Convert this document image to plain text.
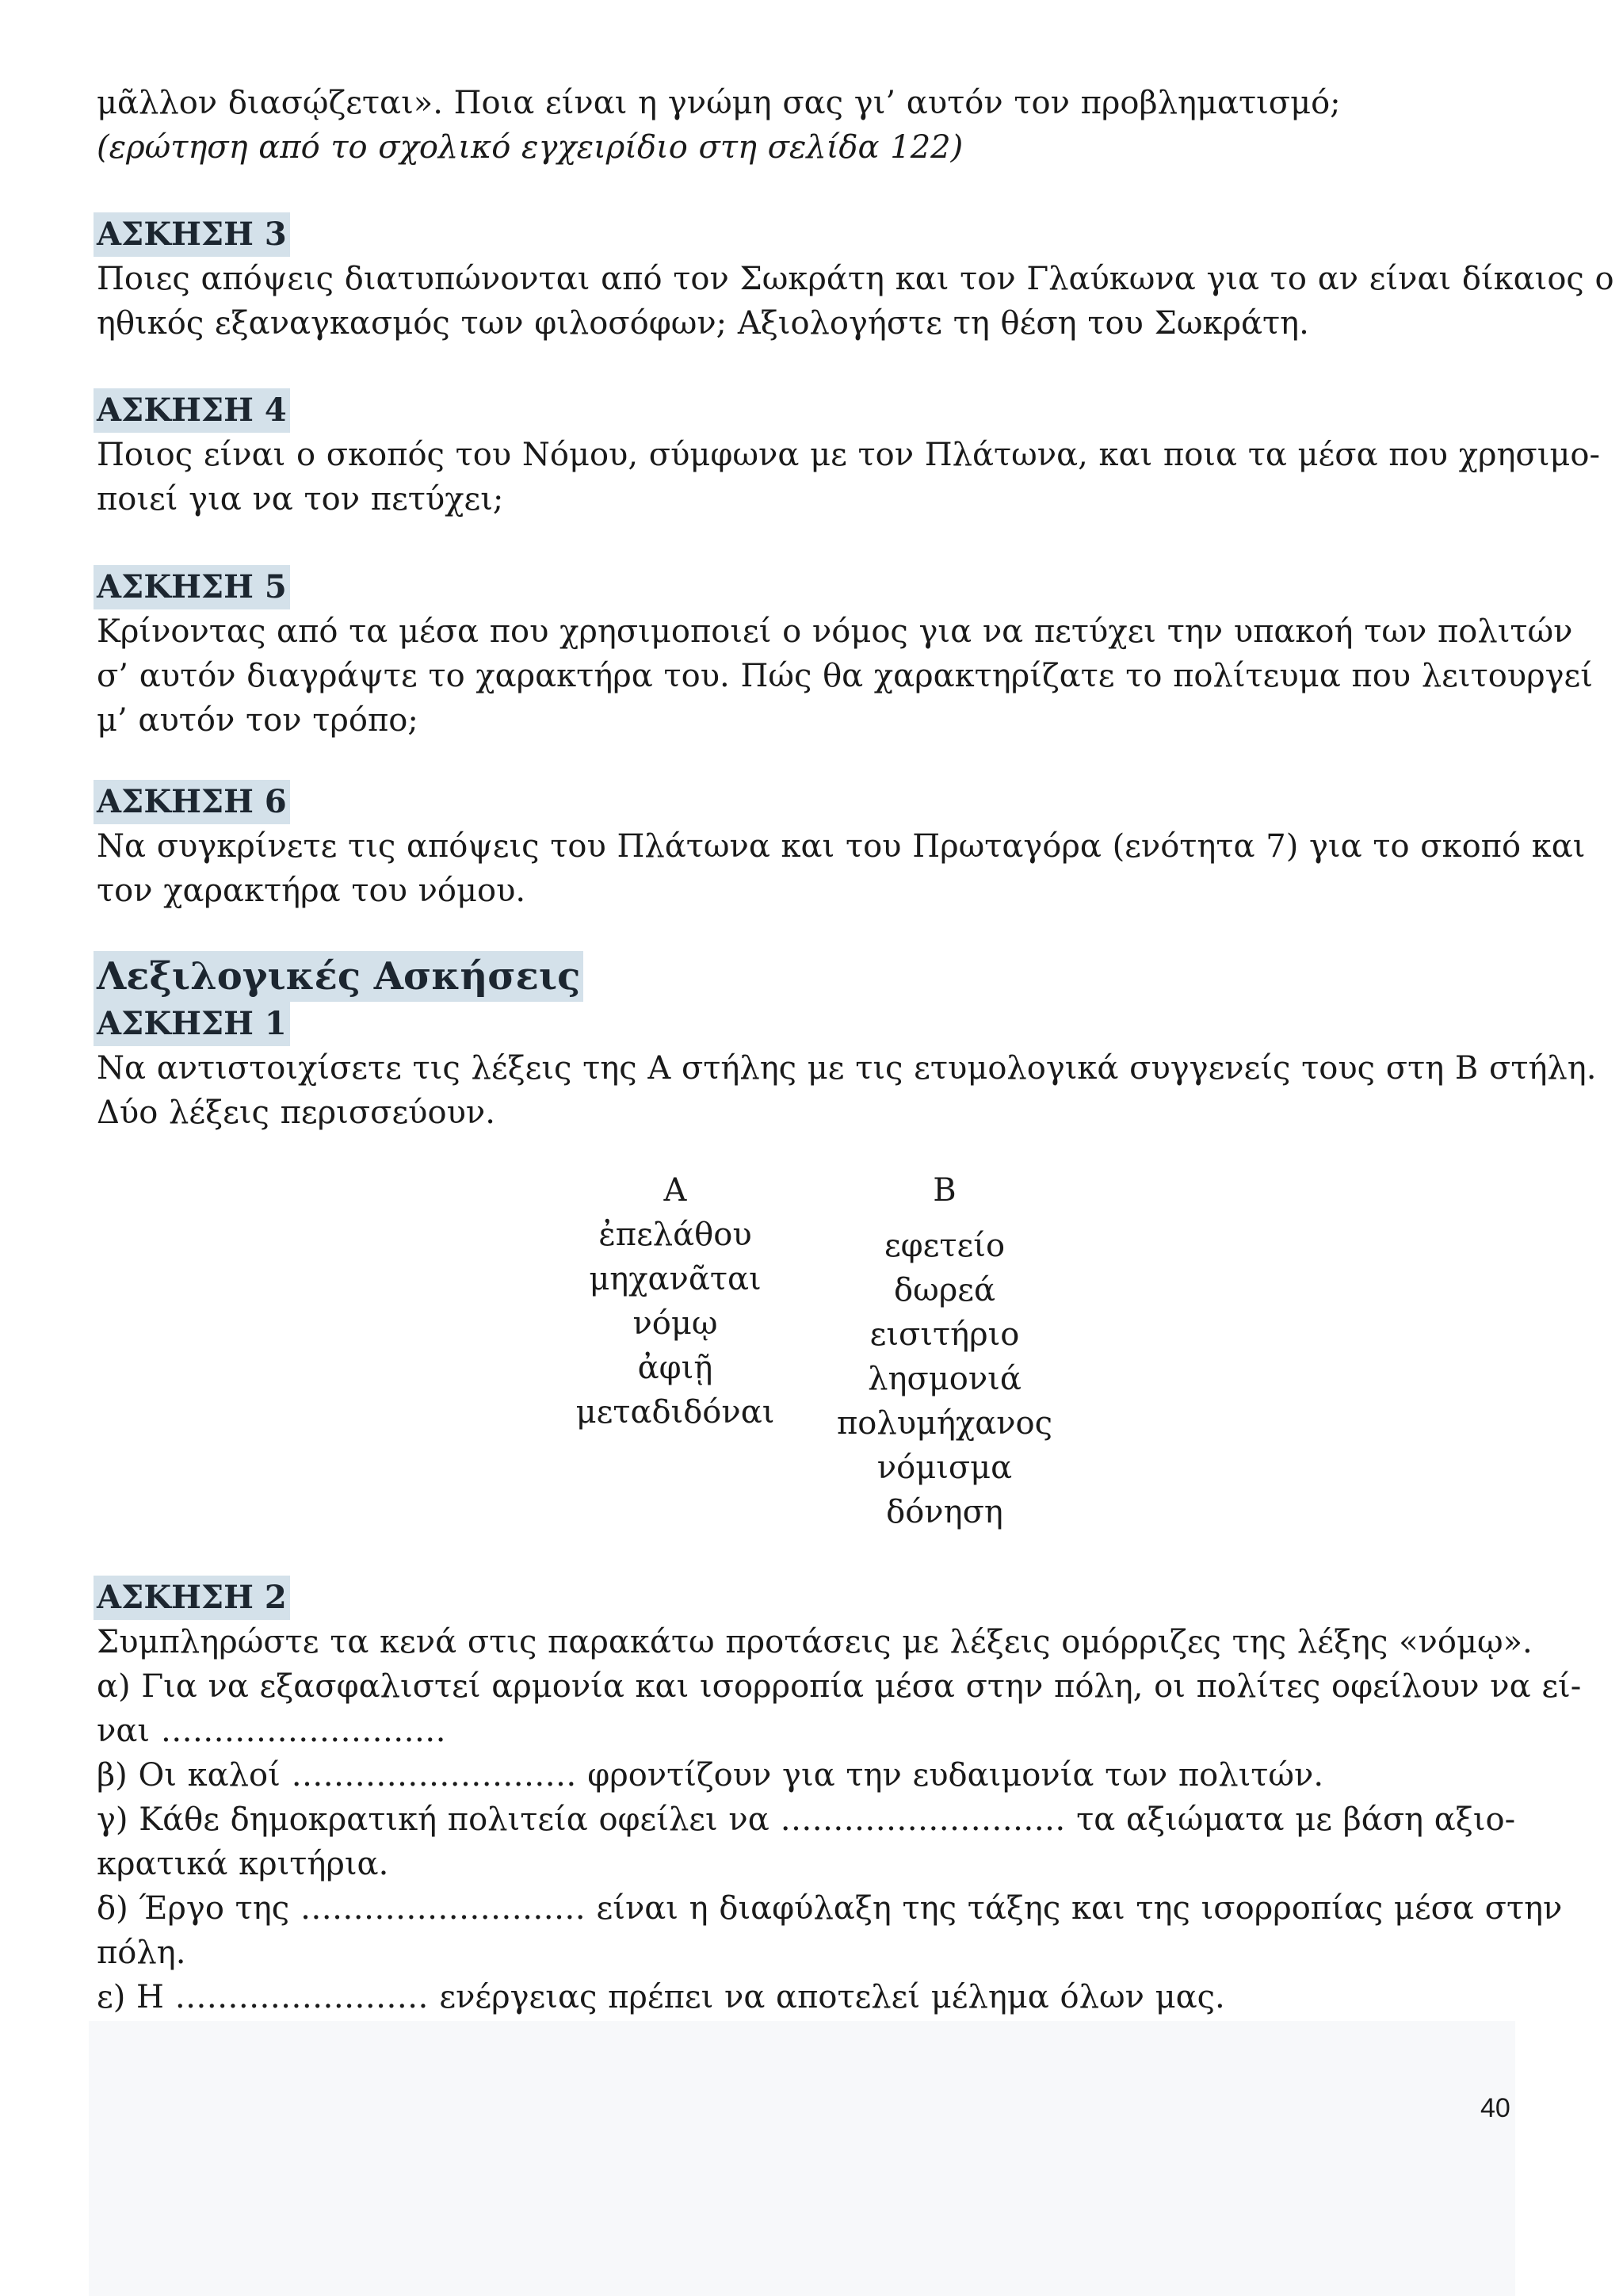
μᾶλλον διασῴζεται». Ποια είναι η γνώμη σας γι’ αυτόν τον προβληματισμό;
(ερώτηση από το σχολικό εγχειρίδιο στη σελίδα 122)
ΑΣΚΗΣΗ 3
Ποιες απόψεις διατυπώνονται από τον Σωκράτη και τον Γλαύκωνα για το αν είναι δίκαιος ο
ηθικός εξαναγκασμός των φιλοσόφων; Αξιολογήστε τη θέση του Σωκράτη.
ΑΣΚΗΣΗ 4
Ποιος είναι ο σκοπός του Νόμου, σύμφωνα με τον Πλάτωνα, και ποια τα μέσα που χρησιμο-
ποιεί για να τον πετύχει;
ΑΣΚΗΣΗ 5
Κρίνοντας από τα μέσα που χρησιμοποιεί ο νόμος για να πετύχει την υπακοή των πολιτών
σ’ αυτόν διαγράψτε το χαρακτήρα του. Πώς θα χαρακτηρίζατε το πολίτευμα που λειτουργεί
μ’ αυτόν τον τρόπο;
ΑΣΚΗΣΗ 6
Να συγκρίνετε τις απόψεις του Πλάτωνα και του Πρωταγόρα (ενότητα 7) για το σκοπό και
τον χαρακτήρα του νόμου.
Λεξιλογικές Ασκήσεις
ΑΣΚΗΣΗ 1
Να αντιστοιχίσετε τις λέξεις της Α στήλης με τις ετυμολογικά συγγενείς τους στη Β στήλη.
Δύο λέξεις περισσεύουν.
Α
ἐπελάθου
μηχανᾶται
νόμῳ
ἀφιῇ
μεταδιδόναι
Β
εφετείο
δωρεά
εισιτήριο
λησμονιά
πολυμήχανος
νόμισμα
δόνηση
ΑΣΚΗΣΗ 2
Συμπληρώστε τα κενά στις παρακάτω προτάσεις με λέξεις ομόρριζες της λέξης «νόμῳ».
α) Για να εξασφαλιστεί αρμονία και ισορροπία μέσα στην πόλη, οι πολίτες οφείλουν να εί-
ναι ………………………
β) Οι καλοί ……………………… φροντίζουν για την ευδαιμονία των πολιτών.
γ) Κάθε δημοκρατική πολιτεία οφείλει να ……………………… τα αξιώματα με βάση αξιο-
κρατικά κριτήρια.
δ) Έργο της ……………………… είναι η διαφύλαξη της τάξης και της ισορροπίας μέσα στην
πόλη.
ε) Η …………………… ενέργειας πρέπει να αποτελεί μέλημα όλων μας.
40
